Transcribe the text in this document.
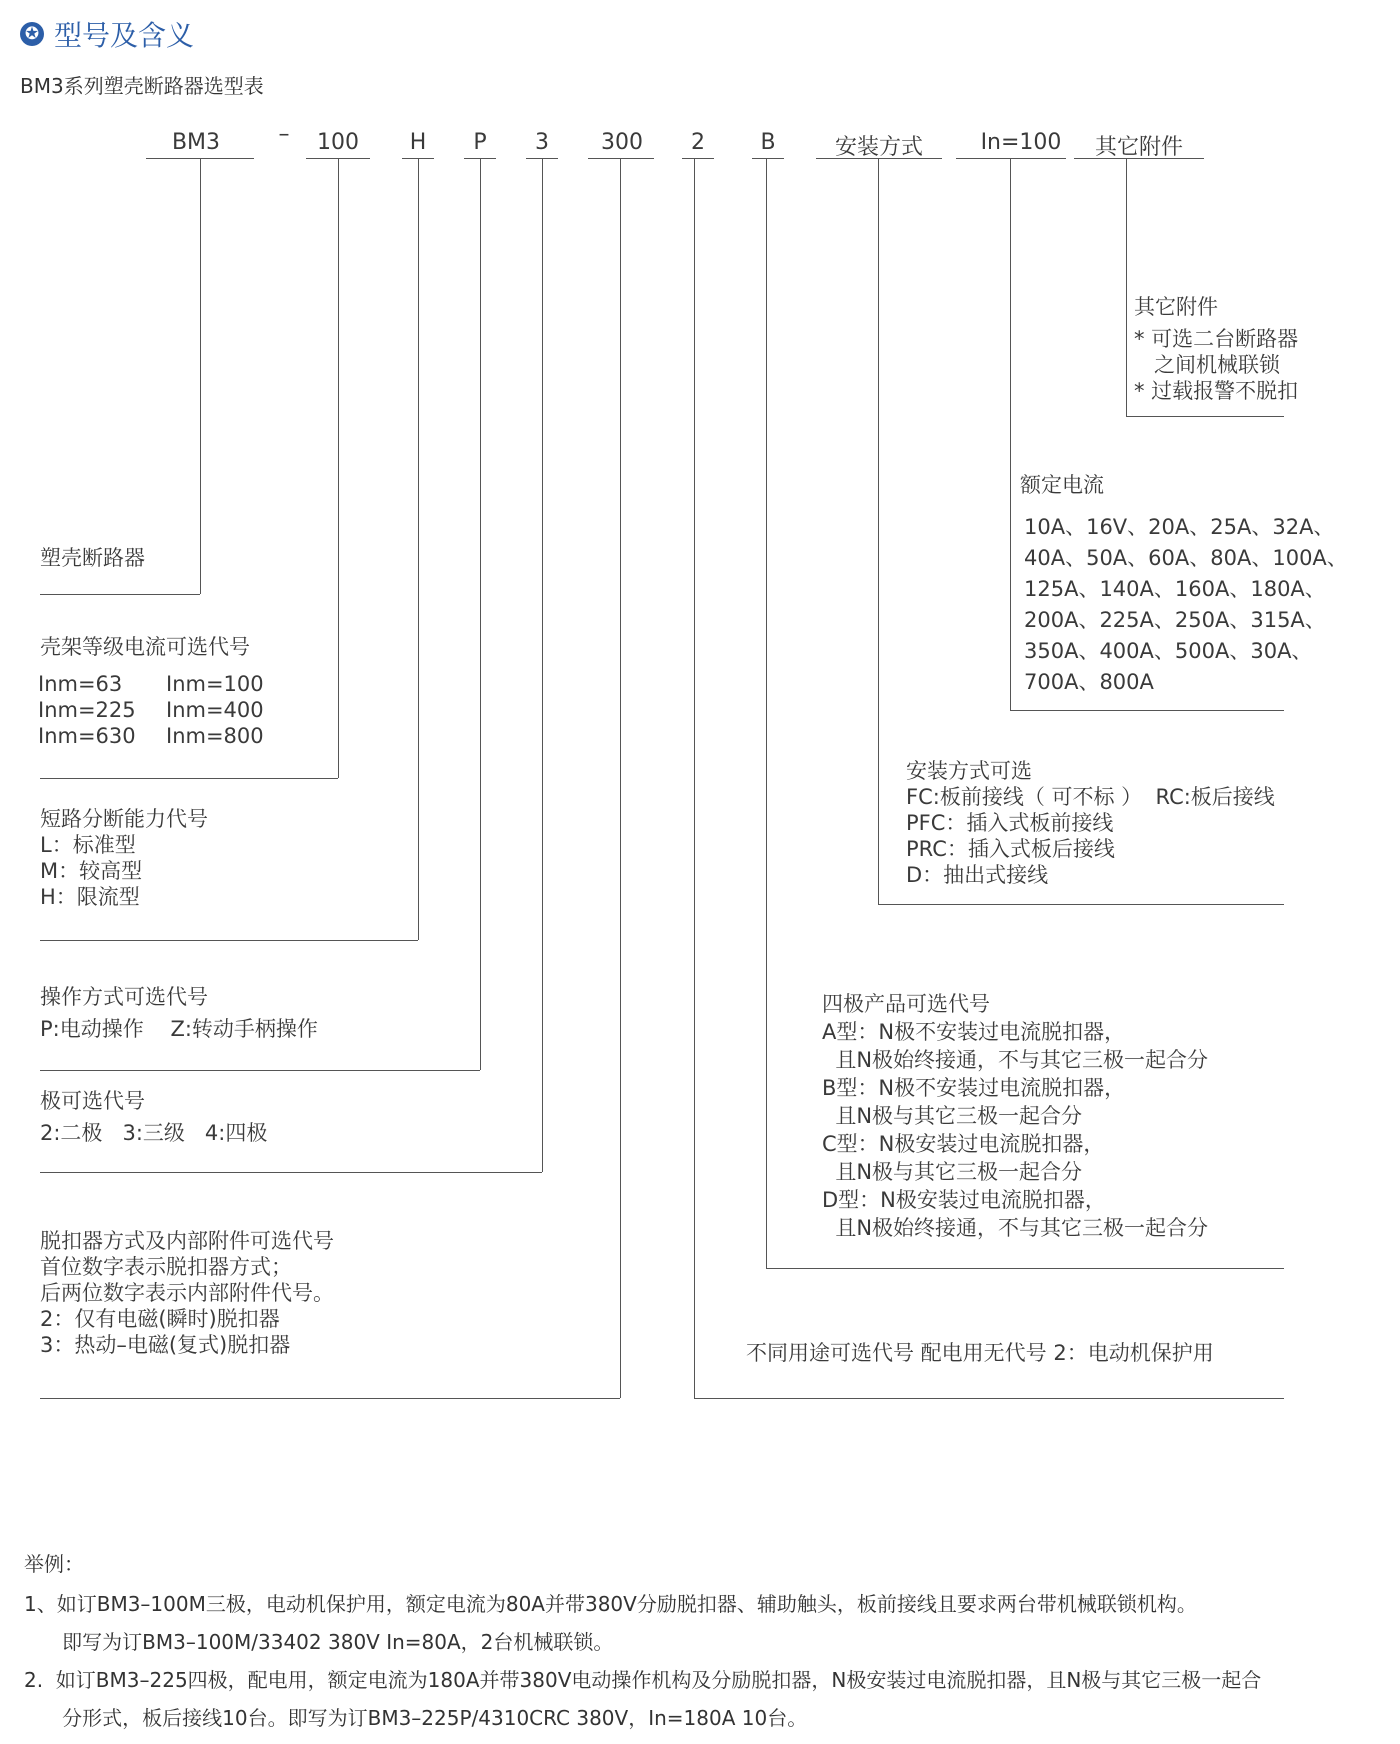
✪ 型号及含义
BM3系列塑壳断路器选型表
BM3	–	100	H	P	3	300	2	B	安装方式	In=100	其它附件
塑壳断路器
壳架等级电流可选代号
Inm=63	Inm=100
Inm=225	Inm=400
Inm=630	Inm=800
短路分断能力代号
L：标准型
M：较高型
H：限流型
操作方式可选代号
P:电动操作    Z:转动手柄操作
极可选代号
2:二极   3:三级   4:四极
脱扣器方式及内部附件可选代号
首位数字表示脱扣器方式；
后两位数字表示内部附件代号。
2：仅有电磁(瞬时)脱扣器
3：热动–电磁(复式)脱扣器
其它附件
* 可选二台断路器
之间机械联锁
* 过载报警不脱扣
额定电流
10A、16V、20A、25A、32A、
40A、50A、60A、80A、100A、
125A、140A、160A、180A、
200A、225A、250A、315A、
350A、400A、500A、30A、
700A、800A
安装方式可选
FC:板前接线（ 可不标 ）  RC:板后接线
PFC：插入式板前接线
PRC：插入式板后接线
D：抽出式接线
四极产品可选代号
A型：N极不安装过电流脱扣器，
且N极始终接通，不与其它三极一起合分
B型：N极不安装过电流脱扣器，
且N极与其它三极一起合分
C型：N极安装过电流脱扣器，
且N极与其它三极一起合分
D型：N极安装过电流脱扣器，
且N极始终接通，不与其它三极一起合分
不同用途可选代号 配电用无代号 2：电动机保护用
举例：
1、如订BM3–100M三极，电动机保护用，额定电流为80A并带380V分励脱扣器、辅助触头，板前接线且要求两台带机械联锁机构。
即写为订BM3–100M/33402 380V In=80A，2台机械联锁。
2.  如订BM3–225四极，配电用，额定电流为180A并带380V电动操作机构及分励脱扣器，N极安装过电流脱扣器，且N极与其它三极一起合
分形式，板后接线10台。即写为订BM3–225P/4310CRC 380V，In=180A 10台。
